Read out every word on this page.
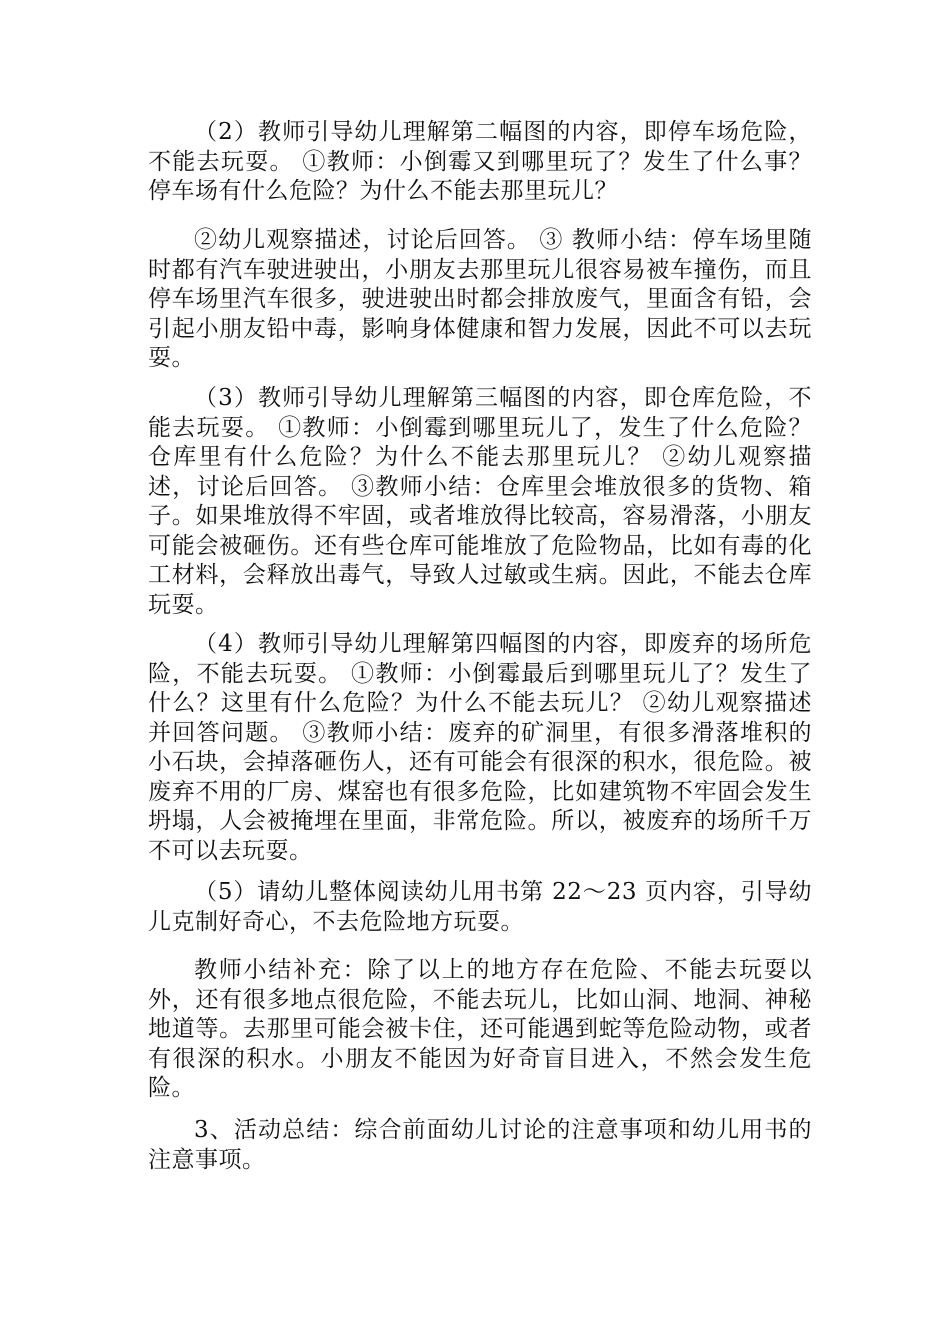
（2）教师引导幼儿理解第二幅图的内容，即停车场危险，不能去玩耍。 ①教师：小倒霉又到哪里玩了？发生了什么事？停车场有什么危险？为什么不能去那里玩儿？

②幼儿观察描述，讨论后回答。 ③ 教师小结：停车场里随时都有汽车驶进驶出，小朋友去那里玩儿很容易被车撞伤，而且停车场里汽车很多，驶进驶出时都会排放废气，里面含有铅，会引起小朋友铅中毒，影响身体健康和智力发展，因此不可以去玩耍。

（3）教师引导幼儿理解第三幅图的内容，即仓库危险，不能去玩耍。 ①教师：小倒霉到哪里玩儿了，发生了什么危险？仓库里有什么危险？为什么不能去那里玩儿？ ②幼儿观察描述，讨论后回答。 ③教师小结：仓库里会堆放很多的货物、箱子。如果堆放得不牢固，或者堆放得比较高，容易滑落，小朋友可能会被砸伤。还有些仓库可能堆放了危险物品，比如有毒的化工材料，会释放出毒气，导致人过敏或生病。因此，不能去仓库玩耍。

（4）教师引导幼儿理解第四幅图的内容，即废弃的场所危险，不能去玩耍。 ①教师：小倒霉最后到哪里玩儿了？发生了什么？这里有什么危险？为什么不能去玩儿？ ②幼儿观察描述并回答问题。 ③教师小结：废弃的矿洞里，有很多滑落堆积的小石块，会掉落砸伤人，还有可能会有很深的积水，很危险。被废弃不用的厂房、煤窑也有很多危险，比如建筑物不牢固会发生坍塌，人会被掩埋在里面，非常危险。所以，被废弃的场所千万不可以去玩耍。

（5）请幼儿整体阅读幼儿用书第 22～23 页内容，引导幼儿克制好奇心，不去危险地方玩耍。

教师小结补充：除了以上的地方存在危险、不能去玩耍以外，还有很多地点很危险，不能去玩儿，比如山洞、地洞、神秘地道等。去那里可能会被卡住，还可能遇到蛇等危险动物，或者有很深的积水。小朋友不能因为好奇盲目进入，不然会发生危险。

3、活动总结：综合前面幼儿讨论的注意事项和幼儿用书的注意事项。
